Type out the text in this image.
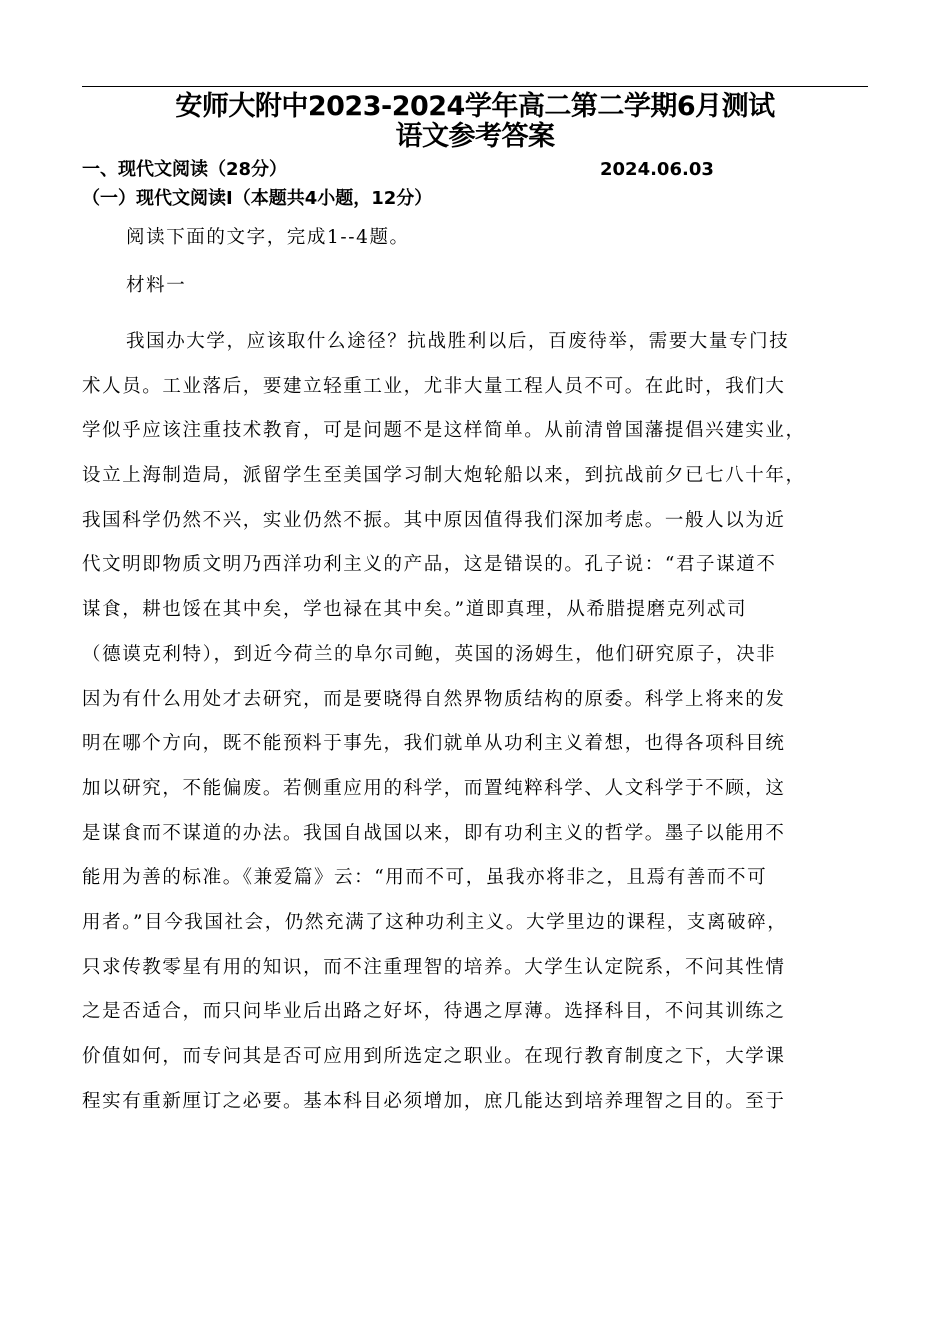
安师大附中2023-2024学年高二第二学期6月测试
语文参考答案
一、现代文阅读（28分）	2024.06.03
（一）现代文阅读Ⅰ（本题共4小题，12分）
阅读下面的文字，完成1--4题。
材料一
我国办大学，应该取什么途径？抗战胜利以后，百废待举，需要大量专门技
术人员。工业落后，要建立轻重工业，尤非大量工程人员不可。在此时，我们大
学似乎应该注重技术教育，可是问题不是这样简单。从前清曾国藩提倡兴建实业，
设立上海制造局，派留学生至美国学习制大炮轮船以来，到抗战前夕已七八十年，
我国科学仍然不兴，实业仍然不振。其中原因值得我们深加考虑。一般人以为近
代文明即物质文明乃西洋功利主义的产品，这是错误的。孔子说：“君子谋道不
谋食，耕也馁在其中矣，学也禄在其中矣。”道即真理，从希腊提磨克列忒司
（德谟克利特），到近今荷兰的阜尔司鲍，英国的汤姆生，他们研究原子，决非
因为有什么用处才去研究，而是要晓得自然界物质结构的原委。科学上将来的发
明在哪个方向，既不能预料于事先，我们就单从功利主义着想，也得各项科目统
加以研究，不能偏废。若侧重应用的科学，而置纯粹科学、人文科学于不顾，这
是谋食而不谋道的办法。我国自战国以来，即有功利主义的哲学。墨子以能用不
能用为善的标准。《兼爱篇》云：“用而不可，虽我亦将非之，且焉有善而不可
用者。”目今我国社会，仍然充满了这种功利主义。大学里边的课程，支离破碎，
只求传教零星有用的知识，而不注重理智的培养。大学生认定院系，不问其性情
之是否适合，而只问毕业后出路之好坏，待遇之厚薄。选择科目，不问其训练之
价值如何，而专问其是否可应用到所选定之职业。在现行教育制度之下，大学课
程实有重新厘订之必要。基本科目必须增加，庶几能达到培养理智之目的。至于
